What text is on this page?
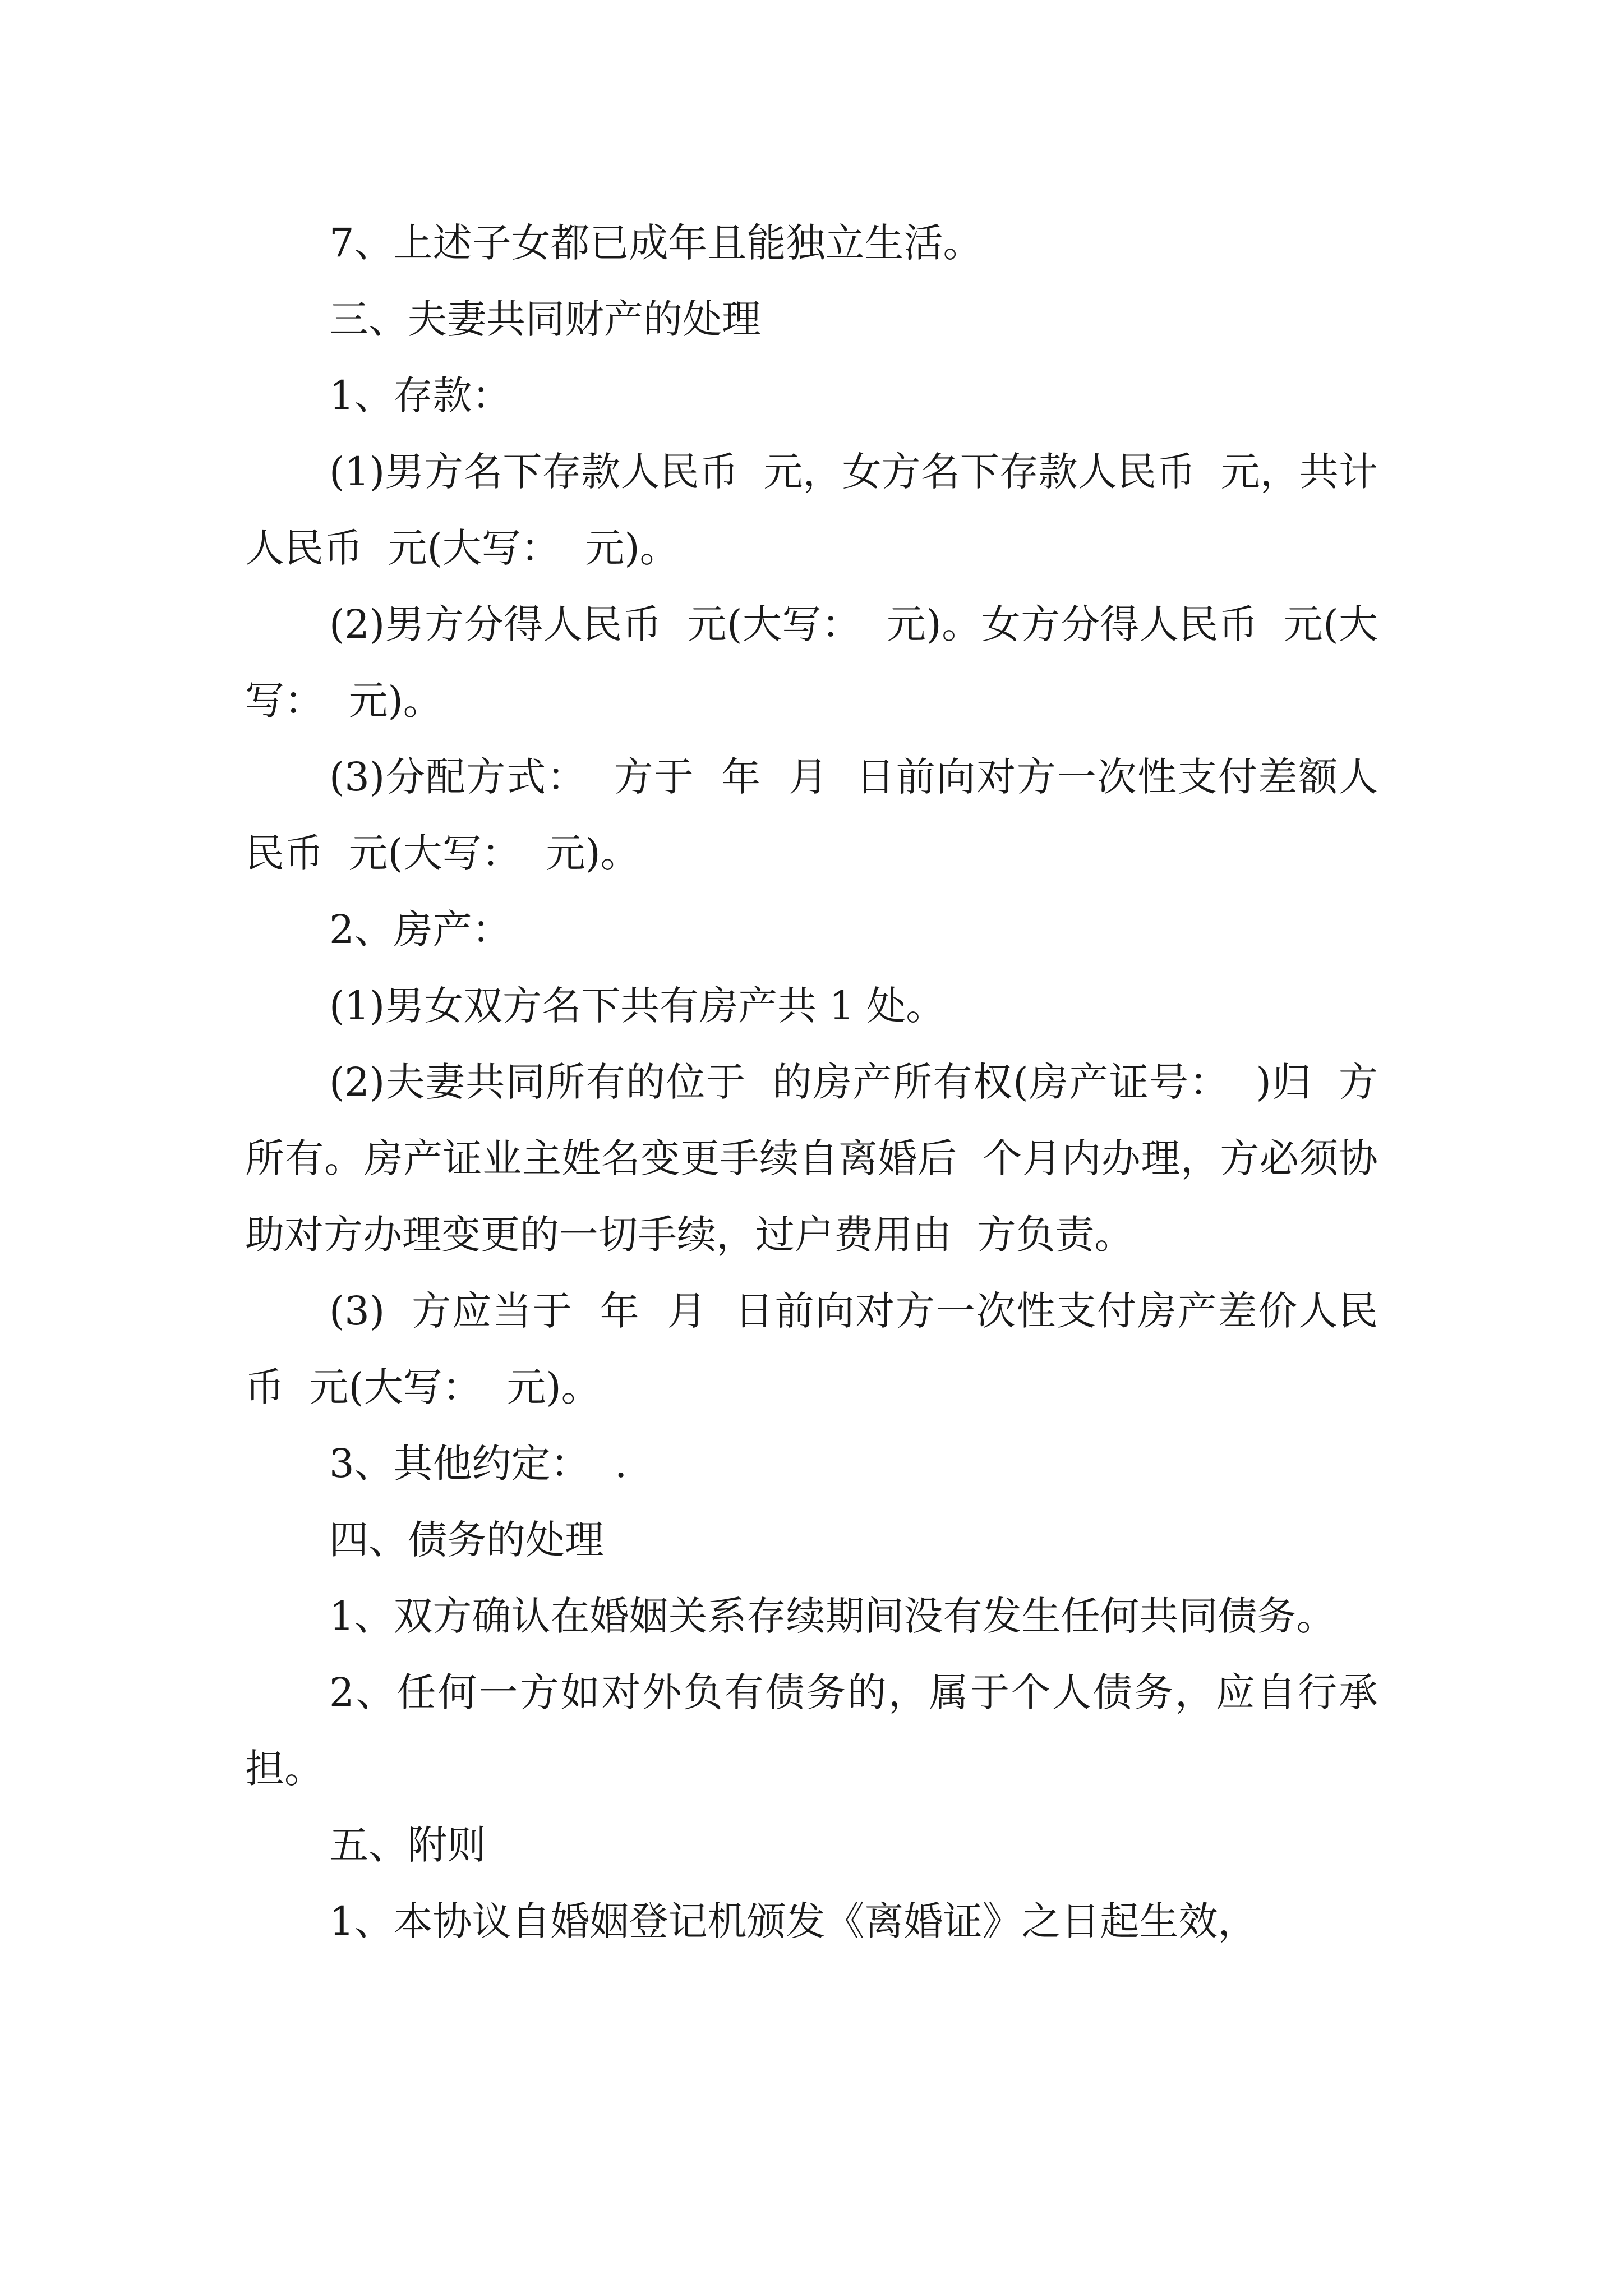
7、上述子女都已成年且能独立生活。

三、夫妻共同财产的处理

1、存款：

(1)男方名下存款人民币  元，女方名下存款人民币  元，共计人民币  元(大写：  元)。

(2)男方分得人民币  元(大写：  元)。女方分得人民币  元(大写：  元)。

(3)分配方式：  方于  年  月  日前向对方一次性支付差额人民币  元(大写：  元)。

2、房产：

(1)男女双方名下共有房产共 1 处。

(2)夫妻共同所有的位于  的房产所有权(房产证号：  )归  方所有。房产证业主姓名变更手续自离婚后  个月内办理，方必须协助对方办理变更的一切手续，过户费用由  方负责。

(3)  方应当于  年  月  日前向对方一次性支付房产差价人民币  元(大写：  元)。

3、其他约定：  .

四、债务的处理

1、双方确认在婚姻关系存续期间没有发生任何共同债务。

2、任何一方如对外负有债务的，属于个人债务，应自行承担。

五、附则

1、本协议自婚姻登记机颁发《离婚证》之日起生效，
